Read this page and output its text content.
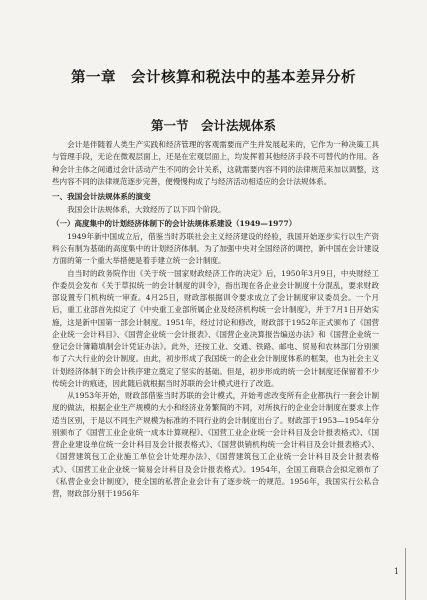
第一章　会计核算和税法中的基本差异分析
第一节　会计法规体系

会计是伴随着人类生产实践和经济管理的客观需要而产生并发展起来的，它作为一种决策工具与管理手段，无论在微观层面上，还是在宏观层面上，均发挥着其他经济手段不可替代的作用。各种会计主体之间通过会计活动产生不同的会计关系，这就需要内容不同的法律规范来加以调整，这些内容不同的法律规范逐步完善，便慢慢构成了与经济活动相适应的会计法规体系。

一、我国会计法规体系的演变

我国会计法规体系，大致经历了以下四个阶段。

（一）高度集中的计划经济体制下的会计法规体系建设（1949—1977）

1949年新中国成立后，借鉴当时苏联社会主义经济建设的经验，我国开始逐步实行以生产资料公有制为基础的高度集中的计划经济体制。为了加强中央对全国经济的调控，新中国在会计建设方面的第一个重大举措便是着手建立统一会计制度。

自当时的政务院作出《关于统一国家财政经济工作的决定》后，1950年3月9日，中央财经工作委员会发布《关于草拟统一的会计制度的训令》，指出现在各企业会计制度十分混乱，要求财政部设置专门机构统一审查。4月25日，财政部根据训令要求成立了会计制度审议委员会。一个月后，重工业部首先拟定了《中央重工业部所属企业及经济机构统一会计制度》，并于7月1日开始实施，这是新中国第一部会计制度。1951年，经过讨论和修改，财政部于1952年正式颁布了《国营企业统一会计科目》、《国营企业统一会计报表》、《国营企业决算报告编送办法》和《国营企业统一登记会计簿籍填制会计凭证办法》。此外，还按工业、交通、铁路、邮电、贸易和农林部门分别颁布了六大行业的会计制度。由此，初步形成了我国统一的企业会计制度体系的框架，也为社会主义计划经济体制下的会计秩序建立奠定了坚实的基础。但是，初步形成的统一会计制度还保留着不少传统会计的痕迹，因此随后就根据当时苏联的会计模式进行了改造。

从1953年开始，财政部借鉴当时苏联的会计模式，开始考虑改变所有企业都执行一套会计制度的做法，根据企业生产规模的大小和经济业务繁简的不同，对所执行的企业会计制度在要求上作适当区别，于是以不同生产规模为标准的不同行业的会计制度出台了。财政部于1953—1954年分别颁布了《国营工业企业统一成本计算规程》、《国营工业企业统一会计科目及会计报表格式》、《国营企业建设单位统一会计科目及会计报表格式》、《国营供销机构统一会计科目及会计报表格式》、《国营建筑包工企业施工单位会计处理办法》、《国营建筑包工企业统一会计科目及会计报表格式》、《国营工业企业统一简易会计科目及会计报表格式》。1954年，全国工商联合会拟定颁布了《私营企业会计制度》，使全国的私营企业会计有了逐步统一的规范。1956年，我国实行公私合营，财政部分别于1956年

1
